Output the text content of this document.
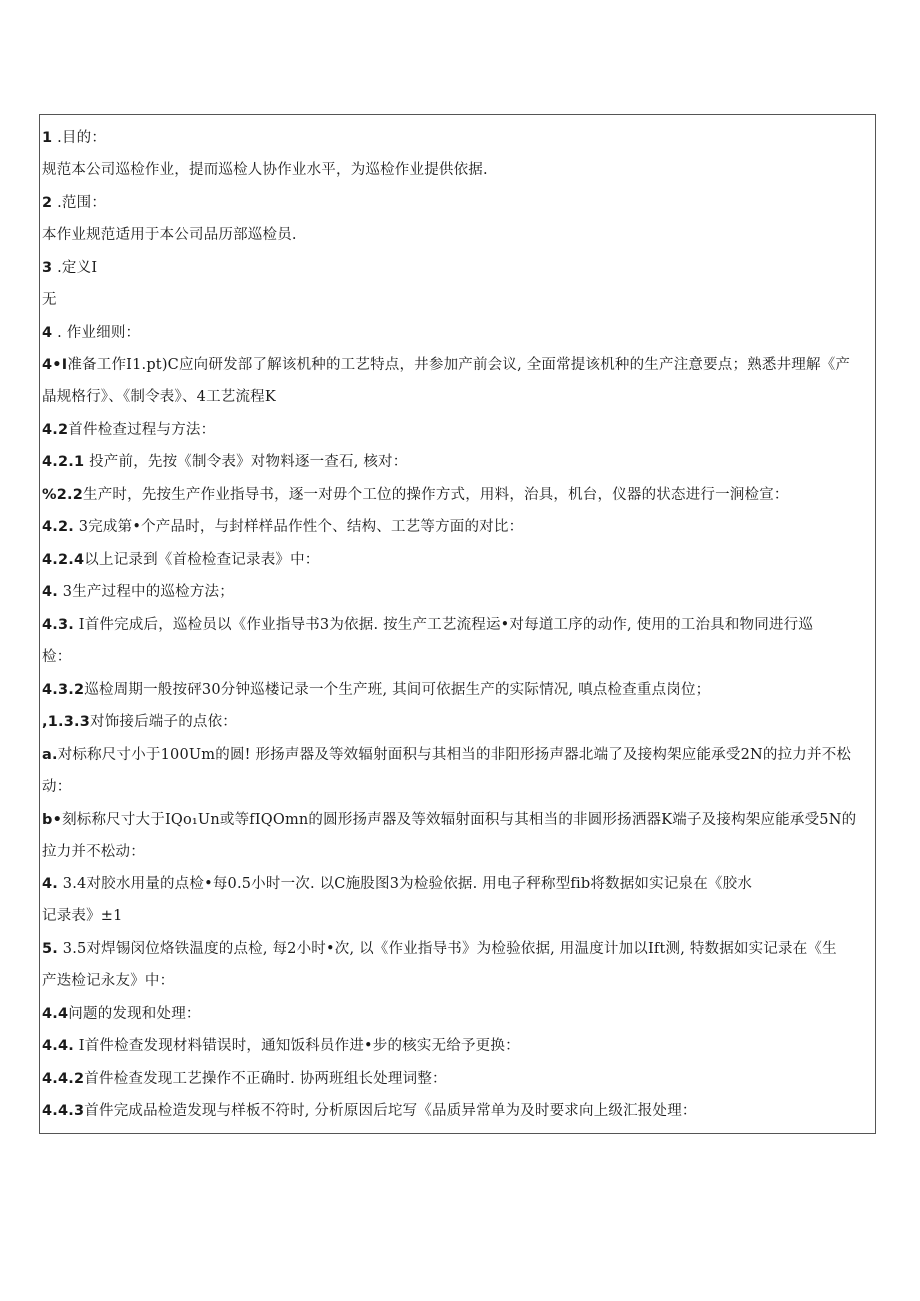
1 .目的：
规范本公司巡检作业，提而巡检人协作业水平，为巡检作业提供依据.
2 .范围：
本作业规范适用于本公司品历部巡检员.
3 .定义I
无
4 . 作业细则：
4•I准备工作I1.pt)C应向研发部了解该机种的工艺特点，井参加产前会议, 全面常提该机种的生产注意要点；熟悉井理解《产
晶规格行》、《制令表》、4工艺流程K
4.2首件检查过程与方法：
4.2.1 投产前，先按《制令表》对物料逐一查石, 核对：
%2.2生产时，先按生产作业指导书，逐一对毋个工位的操作方式，用料，治具，机台，仪器的状态进行一涧检宣：
4.2. 3完成第•个产品时，与封样样品作性个、结构、工艺等方面的对比：
4.2.4以上记录到《首检检查记录表》中：
4. 3生产过程中的巡检方法；
4.3. I首件完成后，巡检员以《作业指导书3为依据. 按生产工艺流程运•对每道工序的动作, 使用的工治具和物同进行巡
检：
4.3.2巡检周期一般按砰30分钟巡楼记录一个生产班, 其间可依据生产的实际情况, 嗔点检查重点岗位；
,1.3.3对饰接后端子的点依：
a.对标称尺寸小于100Um的圆! 形扬声器及等效辐射面积与其相当的非阳形扬声器北端了及接构架应能承受2N的拉力并不松
动：
b•刻标称尺寸大于IQo₁Un或等fIQOmn的圆形扬声器及等效辐射面积与其相当的非圆形扬洒器K端子及接构架应能承受5N的
拉力并不松动：
4. 3.4对胶水用量的点检•每0.5小时一次. 以C施股图3为检验依据. 用电子秤称型fib将数据如实记泉在《胶水
记录表》±1
5. 3.5对焊锡闵位烙铁温度的点检, 每2小时•次, 以《作业指导书》为检验依据, 用温度计加以Ift测, 特数据如实记录在《生
产迭检记永友》中：
4.4问题的发现和处理：
4.4. I首件检查发现材料错误时，通知饭科员作进•步的核实无给予更换：
4.4.2首件检查发现工艺操作不正确时. 协两班组长处理词整：
4.4.3首件完成品检造发现与样板不符时, 分析原因后坨写《品质异常单为及时要求向上级汇报处理：
